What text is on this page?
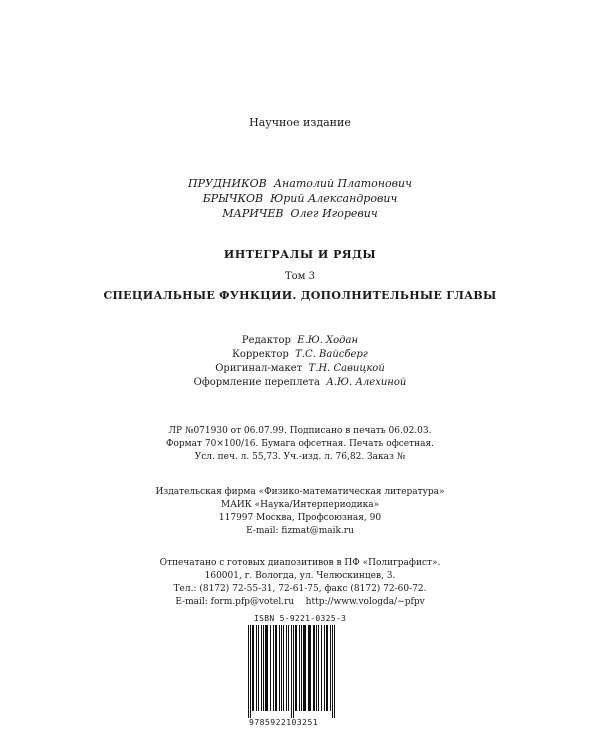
Научное издание
ПРУДНИКОВ Анатолий Платонович
БРЫЧКОВ Юрий Александрович
МАРИЧЕВ Олег Игоревич
ИНТЕГРАЛЫ И РЯДЫ
Том 3
СПЕЦИАЛЬНЫЕ ФУНКЦИИ. ДОПОЛНИТЕЛЬНЫЕ ГЛАВЫ
Редактор Е.Ю. Ходан
Корректор Т.С. Вайсберг
Оригинал-макет Т.Н. Савицкой
Оформление переплета А.Ю. Алехиной
ЛР №071930 от 06.07.99. Подписано в печать 06.02.03.
Формат 70×100/16. Бумага офсетная. Печать офсетная.
Усл. печ. л. 55,73. Уч.-изд. л. 76,82. Заказ №
Издательская фирма «Физико-математическая литература»
МАИК «Наука/Интерпериодика»
117997 Москва, Профсоюзная, 90
E-mail: fizmat@maik.ru
Отпечатано с готовых диапозитивов в ПФ «Полиграфист».
160001, г. Вологда, ул. Челюскинцев, 3.
Тел.: (8172) 72-55-31, 72-61-75, факс (8172) 72-60-72.
E-mail: form.pfp@votel.ru    http://www.vologda/~pfpv
ISBN 5-9221-0325-3
9785922103251
